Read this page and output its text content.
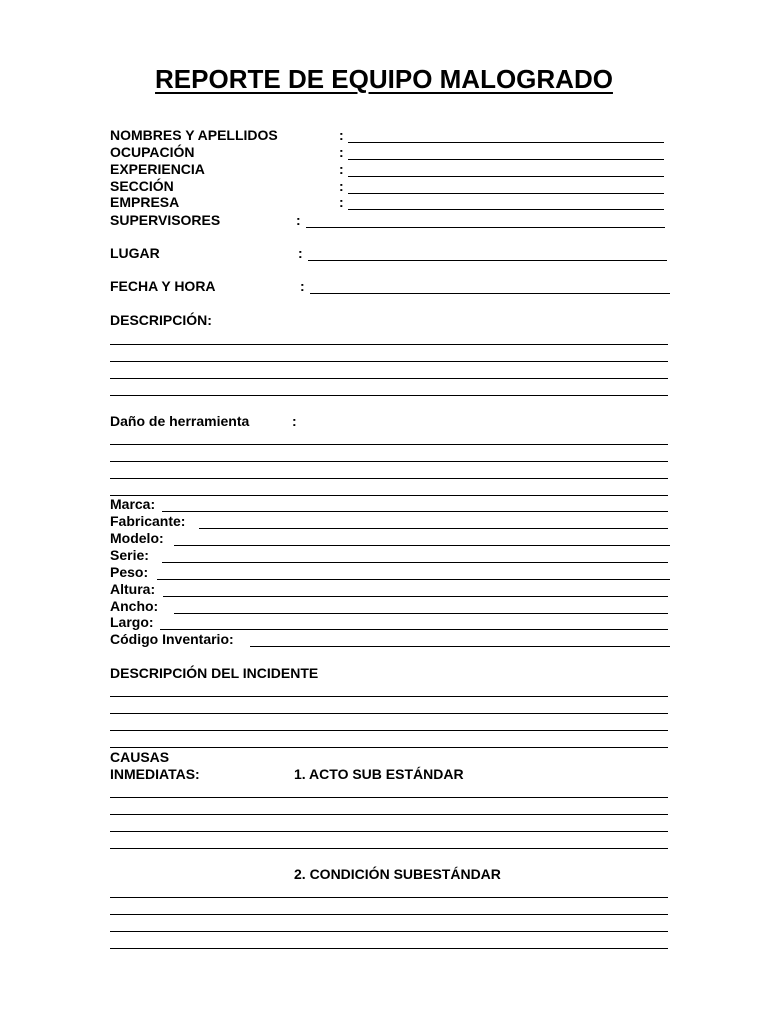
REPORTE DE EQUIPO MALOGRADO
NOMBRES Y APELLIDOS	:
OCUPACIÓN	:
EXPERIENCIA	:
SECCIÓN	:
EMPRESA	:
SUPERVISORES	:
LUGAR	:
FECHA Y HORA	:
DESCRIPCIÓN:
Daño de herramienta	:
Marca:
Fabricante:
Modelo:
Serie:
Peso:
Altura:
Ancho:
Largo:
Código Inventario:
DESCRIPCIÓN DEL INCIDENTE
CAUSAS
INMEDIATAS:	1. ACTO SUB ESTÁNDAR
2. CONDICIÓN SUBESTÁNDAR
